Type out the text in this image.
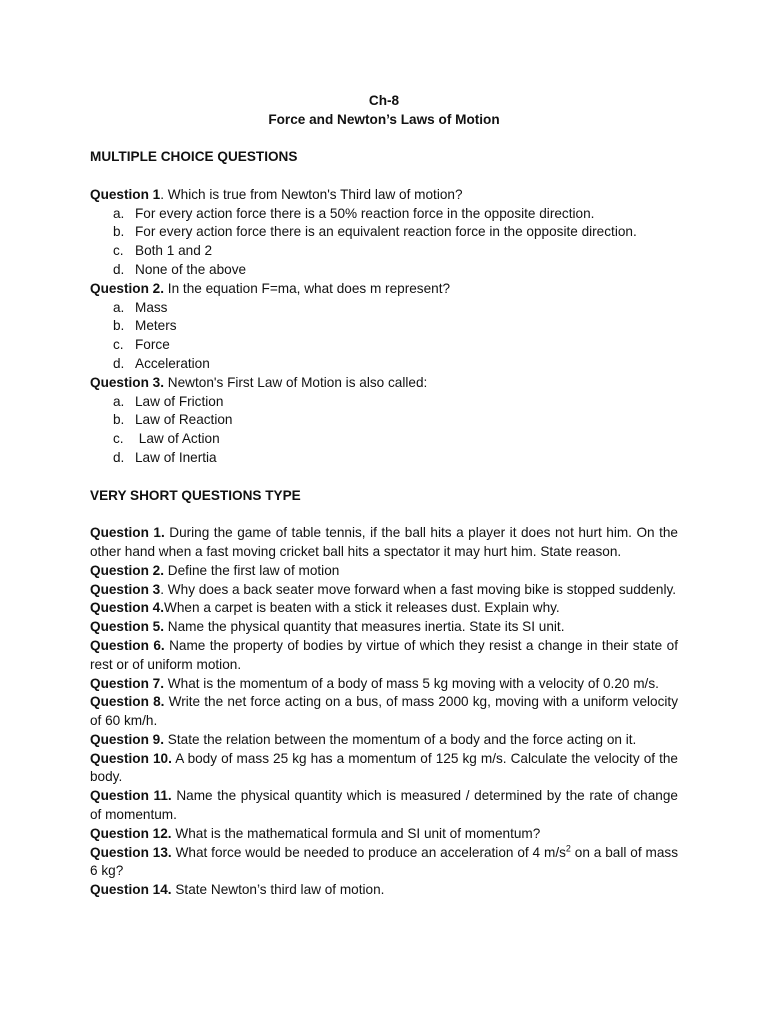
Ch-8

Force and Newton’s Laws of Motion

MULTIPLE CHOICE QUESTIONS

Question 1. Which is true from Newton's Third law of motion?

a. For every action force there is a 50% reaction force in the opposite direction.
b. For every action force there is an equivalent reaction force in the opposite direction.
c. Both 1 and 2
d. None of the above

Question 2. In the equation F=ma, what does m represent?

a. Mass
b. Meters
c. Force
d. Acceleration

Question 3. Newton's First Law of Motion is also called:

a. Law of Friction
b. Law of Reaction
c. Law of Action
d. Law of Inertia

VERY SHORT QUESTIONS TYPE

Question 1. During the game of table tennis, if the ball hits a player it does not hurt him. On the other hand when a fast moving cricket ball hits a spectator it may hurt him. State reason.

Question 2. Define the first law of motion

Question 3. Why does a back seater move forward when a fast moving bike is stopped suddenly.

Question 4.When a carpet is beaten with a stick it releases dust. Explain why.

Question 5. Name the physical quantity that measures inertia. State its SI unit.

Question 6. Name the property of bodies by virtue of which they resist a change in their state of rest or of uniform motion.

Question 7. What is the momentum of a body of mass 5 kg moving with a velocity of 0.20 m/s.

Question 8. Write the net force acting on a bus, of mass 2000 kg, moving with a uniform velocity of 60 km/h.

Question 9. State the relation between the momentum of a body and the force acting on it.

Question 10. A body of mass 25 kg has a momentum of 125 kg m/s. Calculate the velocity of the body.

Question 11. Name the physical quantity which is measured / determined by the rate of change of momentum.

Question 12. What is the mathematical formula and SI unit of momentum?

Question 13. What force would be needed to produce an acceleration of 4 $m/s^2$ on a ball of mass 6 kg?

Question 14. State Newton’s third law of motion.
